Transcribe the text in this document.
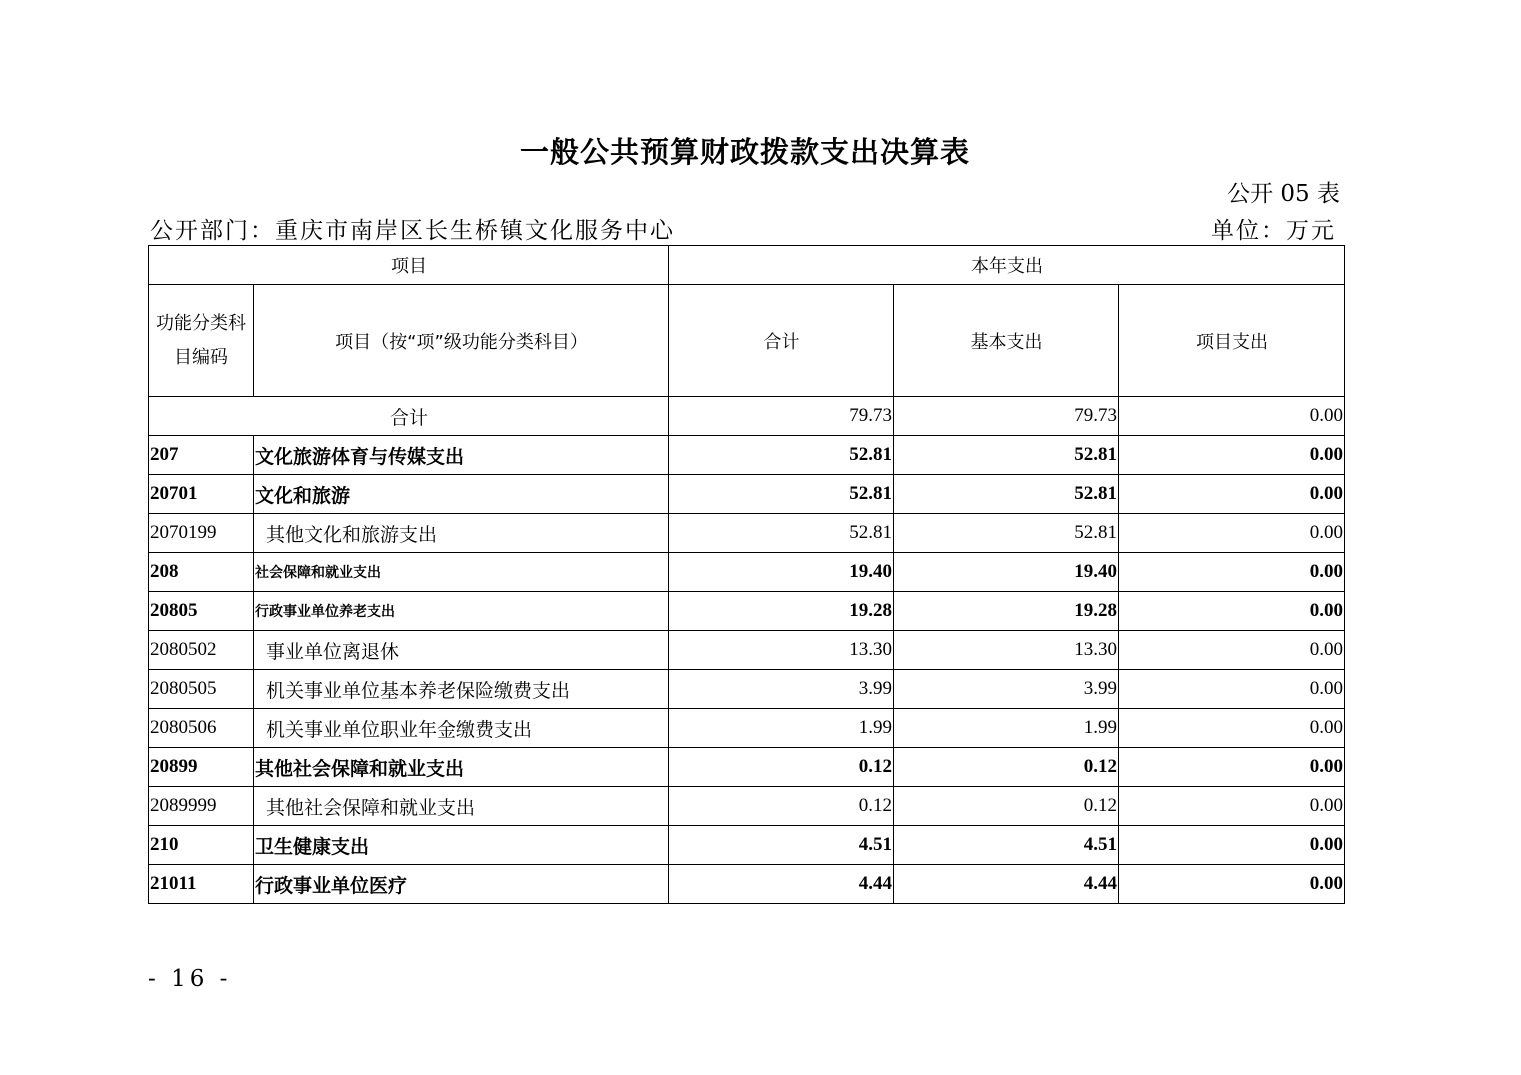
一般公共预算财政拨款支出决算表
公开 05 表
公开部门：重庆市南岸区长生桥镇文化服务中心	单位：万元
项目		本年支出		
功能分类科目编码	项目（按“项”级功能分类科目）	合计	基本支出	项目支出
合计		79.73	79.73	0.00
207	文化旅游体育与传媒支出	52.81	52.81	0.00
20701	文化和旅游	52.81	52.81	0.00
2070199	其他文化和旅游支出	52.81	52.81	0.00
208	社会保障和就业支出	19.40	19.40	0.00
20805	行政事业单位养老支出	19.28	19.28	0.00
2080502	事业单位离退休	13.30	13.30	0.00
2080505	机关事业单位基本养老保险缴费支出	3.99	3.99	0.00
2080506	机关事业单位职业年金缴费支出	1.99	1.99	0.00
20899	其他社会保障和就业支出	0.12	0.12	0.00
2089999	其他社会保障和就业支出	0.12	0.12	0.00
210	卫生健康支出	4.51	4.51	0.00
21011	行政事业单位医疗	4.44	4.44	0.00
- 16 -
